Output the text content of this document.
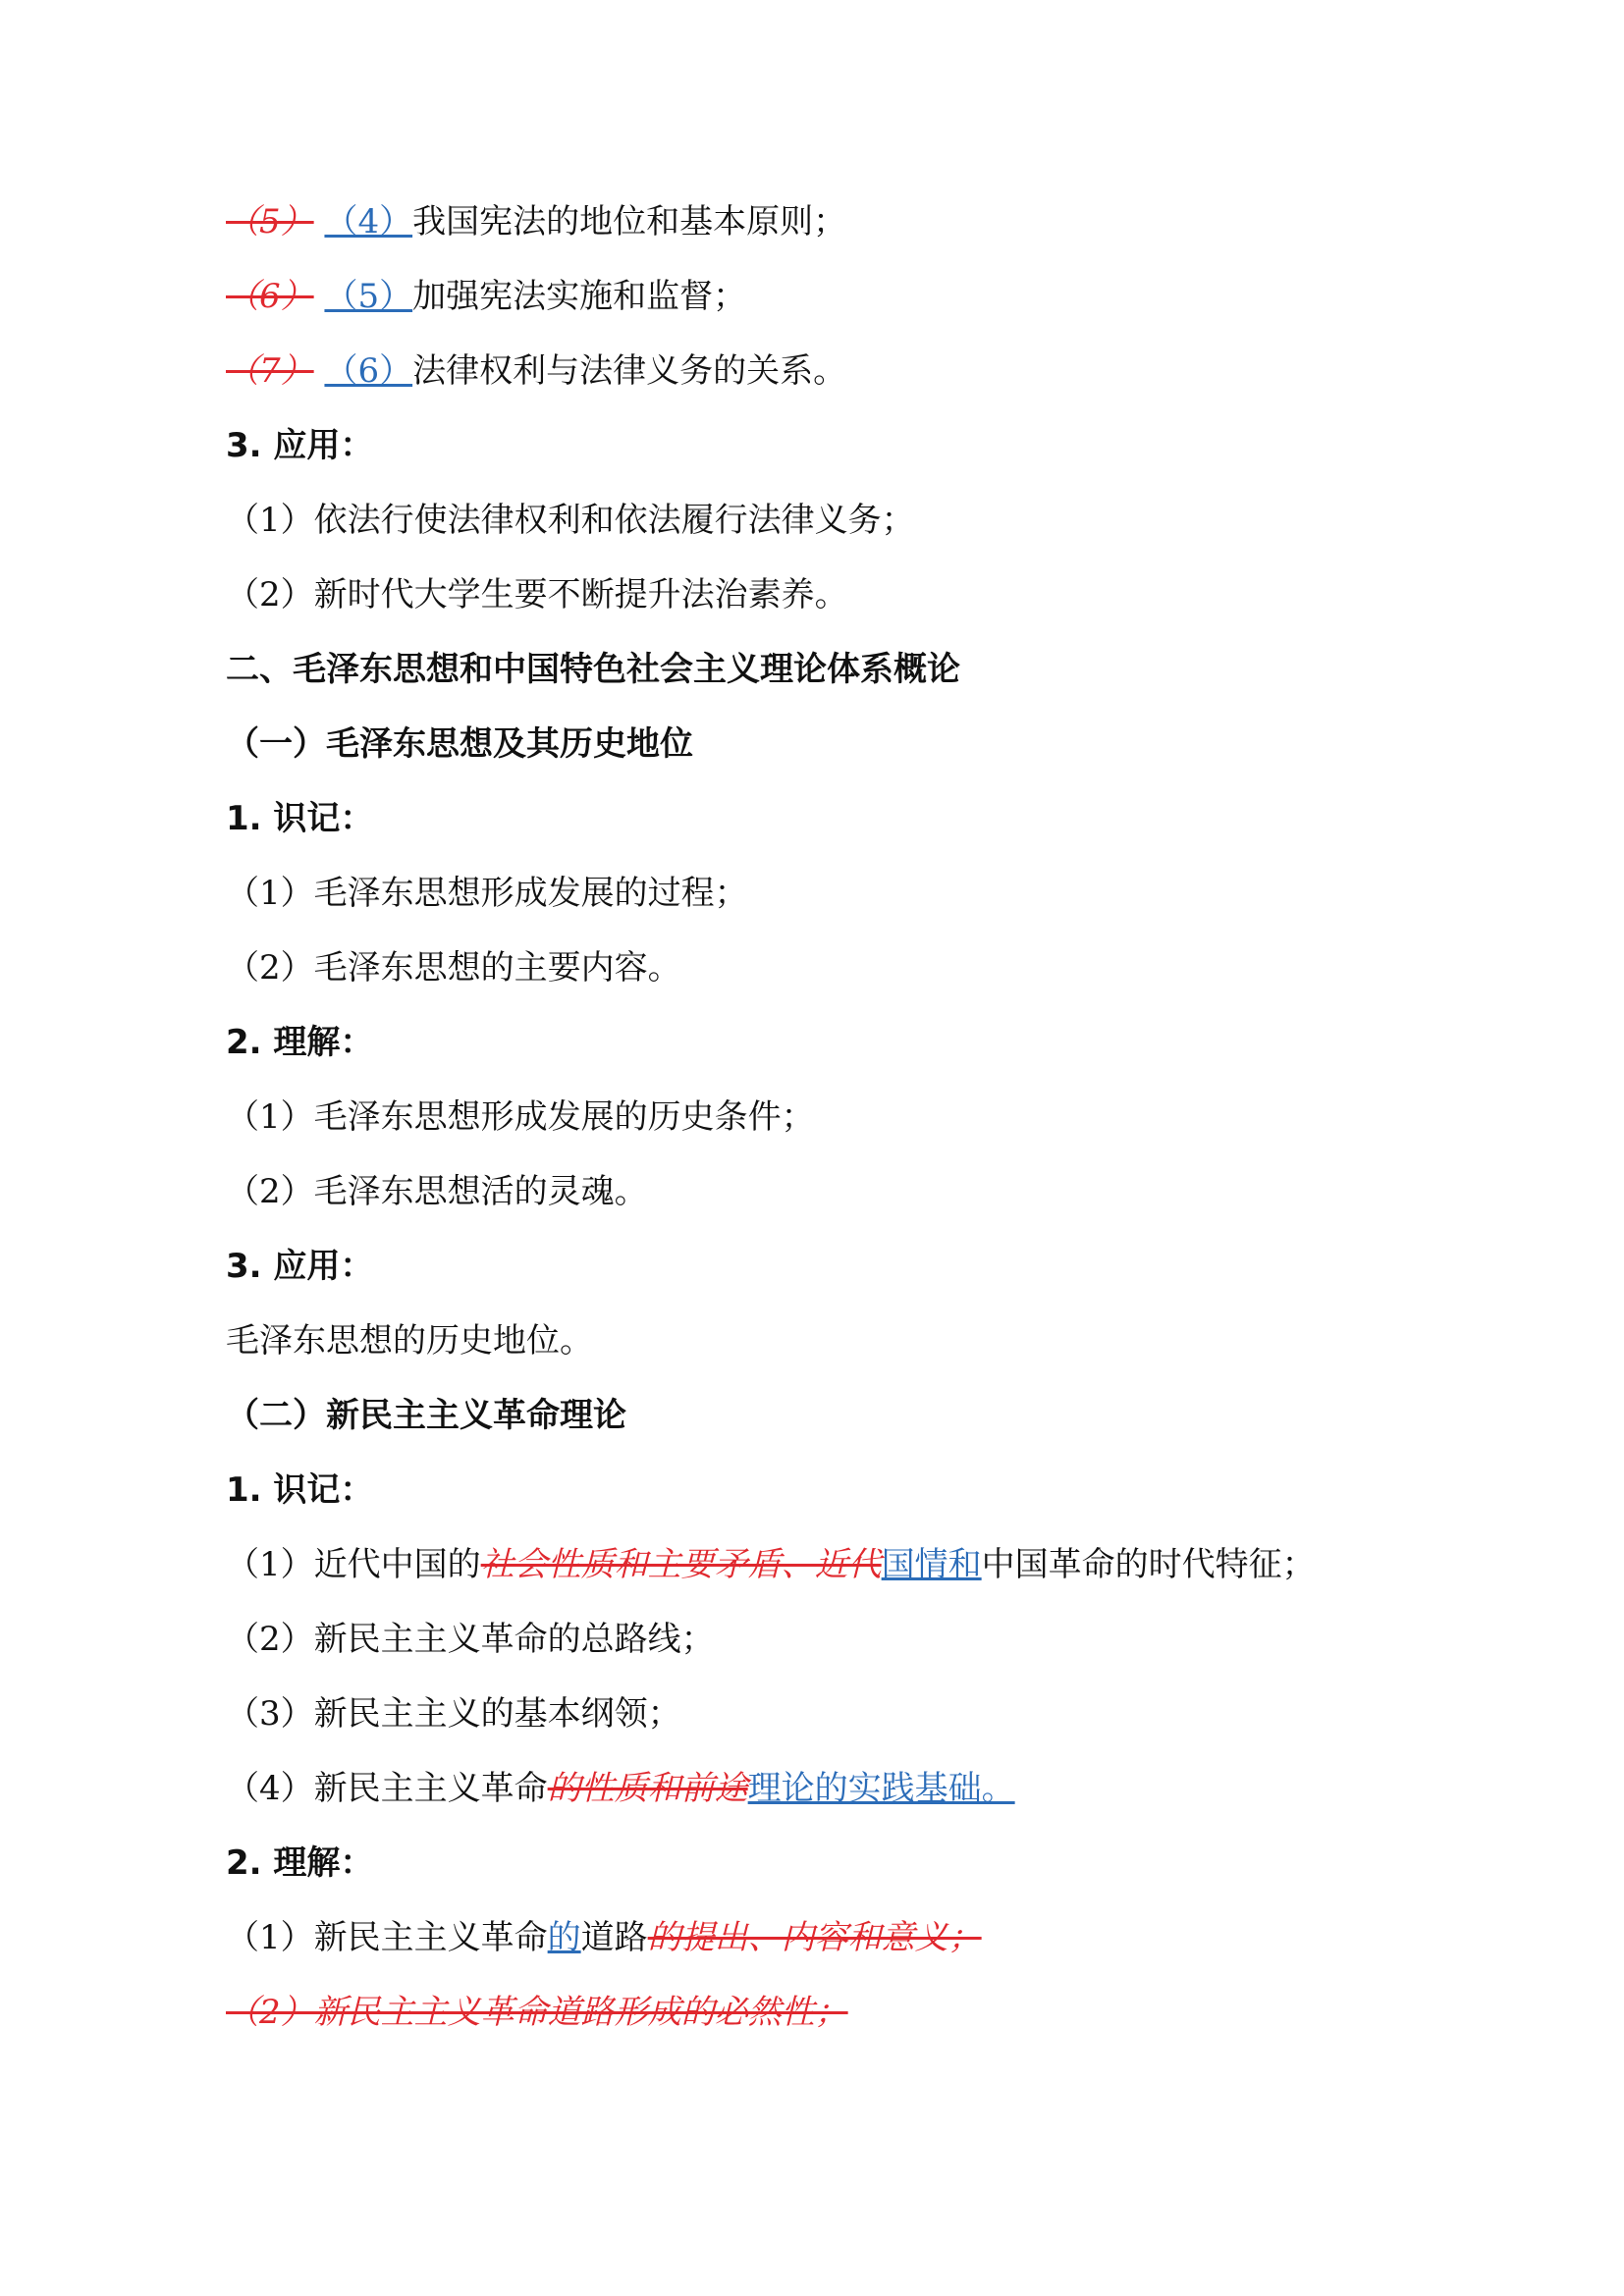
（5） （4）我国宪法的地位和基本原则；
（6） （5）加强宪法实施和监督；
（7） （6）法律权利与法律义务的关系。
3. 应用：
（1）依法行使法律权利和依法履行法律义务；
（2）新时代大学生要不断提升法治素养。
二、毛泽东思想和中国特色社会主义理论体系概论
（一）毛泽东思想及其历史地位
1. 识记：
（1）毛泽东思想形成发展的过程；
（2）毛泽东思想的主要内容。
2. 理解：
（1）毛泽东思想形成发展的历史条件；
（2）毛泽东思想活的灵魂。
3. 应用：
毛泽东思想的历史地位。
（二）新民主主义革命理论
1. 识记：
（1）近代中国的社会性质和主要矛盾、近代国情和中国革命的时代特征；
（2）新民主主义革命的总路线；
（3）新民主主义的基本纲领；
（4）新民主主义革命的性质和前途理论的实践基础。
2. 理解：
（1）新民主主义革命的道路的提出、内容和意义；
（2）新民主主义革命道路形成的必然性；
